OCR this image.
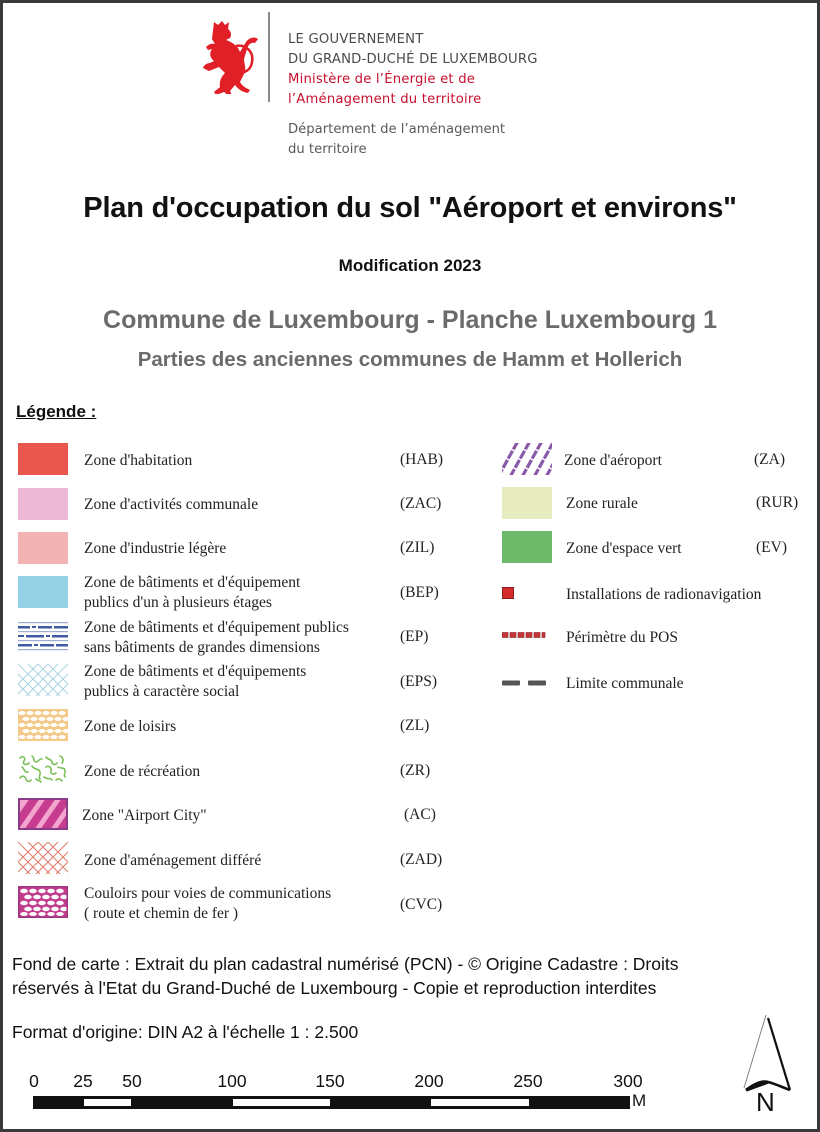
LE GOUVERNEMENT
DU GRAND-DUCHÉ DE LUXEMBOURG
Ministère de l’Énergie et de
l’Aménagement du territoire
Département de l’aménagement
du territoire
Plan d'occupation du sol "Aéroport et environs"
Modification 2023
Commune de Luxembourg - Planche Luxembourg 1
Parties des anciennes communes de Hamm et Hollerich
Légende :
Zone d'habitation	(HAB)
Zone d'activités communale	(ZAC)
Zone d'industrie légère	(ZIL)
Zone de bâtiments et d'équipement
publics d'un à plusieurs étages
(BEP)
Zone de bâtiments et d'équipement publics
sans bâtiments de grandes dimensions
(EP)
Zone de bâtiments et d'équipements
publics à caractère social
(EPS)
Zone de loisirs	(ZL)
Zone de récréation	(ZR)
Zone "Airport City"	(AC)
Zone d'aménagement différé	(ZAD)
Couloirs pour voies de communications
( route et chemin de fer )
(CVC)
Zone d'aéroport	(ZA)
Zone rurale	(RUR)
Zone d'espace vert	(EV)
Installations de radionavigation
Périmètre du POS
Limite communale
Fond de carte : Extrait du plan cadastral numérisé (PCN) - © Origine Cadastre : Droits
réservés à l'Etat du Grand-Duché de Luxembourg - Copie et reproduction interdites
Format d'origine: DIN A2 à l'échelle 1 : 2.500
0 25 50	100	150	200	250	300
M	N
